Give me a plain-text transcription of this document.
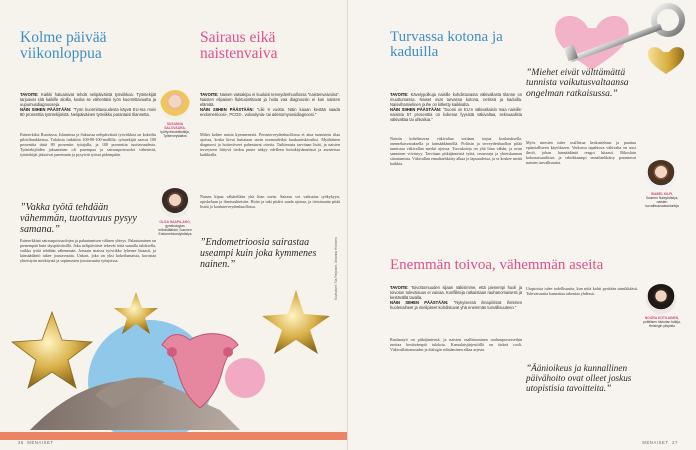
Kolme päivää viikonloppua

TAVOITE: Kaikki haluaisivat tehdä nelipäiväistä työviikkoa. Työntekijät tarjoavat sitä kaikille aloilla, koska se vähentäisi työn kuormittavuutta ja uupumusdiagnooseja.
NÄIN SIIHEN PÄÄSTÄÄN: "Työn kuormittavuudesta käyvä EU-ma moiv 80 prosenttia työntekijöistä. Nelipäiväinen työviikko parantaisi tilannetta.

Esimerkiksi Ruotsissa, Islannissa ja Saksassa nelipäiväistä työviikkoa on kokeiltu pilottihankkeissa. Tuloksia tutkittiin 100-80-100-mallilla: työntekijät saavat 100 prosenttia tästä 80 prosentin työajalla, ja 100 prosenttia tuottavuudesta. Työntekijöiden jaksaminen oli parempaa ja sairauspoissaolot vähenivät, työntekijät jaksoivat paremmin ja pysyivät työssä pidempään.

”Vakka työtä tehdään vähemmän, tuottavuus pysyy samana.”

Esimerkkinä sairauspoissaolojen ja palautumisen välinen yhteys. Palautuminen on pienempää kuin täyspäiväisillä. Joka nelipäiväiset tekevät töitä samalla tuloksella, vaikka työtä tehdään vähemmän. Joissain maissa työviikko lyhenee hitaasti, ja lainsäädäntö tukee joustavuutta. Unkari, joka on yksi kokeilumaista, korostaa yhteistyön merkitystä ja sopimusten joustavuutta työajoissa.

SUSANNA SALOVAARA,
työhyvinvointitutkija, Työterveyslaitos

OLGA HAAPA-AHO,
gynekologian erikoislääkäri, Suomen Endometrioosiyhdistys

Sairaus eikä naistenvaiva

TAVOITE: Naisen vatsakipu ei kuuluisi terveydenhuollossa "naistenvaivoina". Naisten elipaisen fluktuointitavat ja hoita vaa diagnoosin ei kun naisten elämää.
NÄIN SIIHEN PÄÄSTÄÄN: "Liki 9 vuotta. Näin kauan kestää saada endometrioosi-, PCOS-, vulvodynia- tai adenomyoosidiagnoosi."

Miltei kolme naista kymmenestä. Perusterveydenhuollossa ei aina tunnisteta tilaa ajoissa, koska kivut kuitataan usein normaaleiksi kuukautiskivuiksi. Myöhäinen diagnoosi ja hoitoviiveet pahentavat oireita. Tutkimusta tarvitaan lisää, ja naisten terveyteen liittyvä tiedon puute näkyy edelleen hoitokäytännöissä ja asenteissa kaikkialla.

Naisen kipua vähätellään yhä liian usein. Sairaus voi vaikuttaa työkykyyn, opiskeluun ja ihmissuhteisiin. Hoito ja tuki pitäisi saada ajoissa, ja tietoisuutta pitää lisätä jo kouluterveydenhuollossa.

”Endometrioosia sairastaa useampi kuin joka kymmenes nainen.”	Kuvitukset: Tiia Parjanne, Johanna Hirvonen
26 MENAISET
Turvassa kotona ja kaduilla

TAVOITE: Kävelypolkuja naisille kohdistuvasta väkivallasta tilanne on muuttumassa. Naiset ovat turvassa kotona, netissä ja kaduilla. Naisvihamielinen puhe on kitketty kaikkialta.
NÄIN SIIHEN PÄÄSTÄÄN: "Suomi on EU:n väkivaltaisin maa naisille: naisista 57 prosenttia on kokenut fyysistä väkivaltaa, seksuaalista väkivaltaa tai uhkailua."

Naisiin kohdistuvaa väkivaltaa voidaan torjua koulutuksella, asennekasvatuksella ja lainsäädännöllä. Poliisin ja terveydenhuollon pitää tunnistaa väkivallan merkit ajoissa. Turvakoteja on yhä liian vähän, ja avun saaminen viivästyy. Tarvitaan pitkäjänteistä työtä, resursseja ja yhteiskunnan sitoutumista. Väkivallan ennaltaehkäisy alkaa jo lapsuudessa, ja se koskee meitä kaikkia.

”Miehet eivät välttämättä tunnista vaikutusvaltaansa ongelman ratkaisussa.”

Myös miesten tulee osallistua keskusteluun ja puuttua epäasialliseen käytökseen. Verkossa tapahtuva väkivalta on uusi ilmiö, johon lainsäädäntö reagoi hitaasti. Rikoslain kokonaisuudistus ja tehokkaampi ennaltaehkäisy parantavat naisten turvallisuutta.

ISABEL KILPI,
Suomen Naisyhdistys, naisten turvallisuusasiantuntija

Enemmän toivoa, vähemmän aseita

TAVOITE: Toivottomuuden sijaan näkisimme, että pienempi huoli ja toivoton tulevaisuus ei vaivaa. Konflikteja ratkaistaan rauhanomaisesti ja kestävällä tavalla.
NÄIN SIIHEN PÄÄSTÄÄN: "Nykyisessä ilmapiirissä ihmisten huolenaiheet ja mielipiteet kohdistuvat yhä enemmän turvallisuuteen."

Rauhantyö on pitkäjänteistä, ja naisten osallistuminen rauhanprosesseihin tuottaa kestävämpiä tuloksia. Kansalaisjärjestöillä on tärkeä rooli. Väkivallattomuuden ja dialogin edistäminen alkaa arjesta.

Utopioista tulee todellisuutta, kun niitä kohti pyritään sinnikkäästi. Tulevaisuutta kannattaa rakentaa yhdessä.

”Äänioikeus ja kunnallinen päivähoito ovat olleet joskus utopistisia tavoitteita.”

NOORA KOTILAINEN,
poliittisen historian tutkija, Helsingin yliopisto

MENAISET 27
